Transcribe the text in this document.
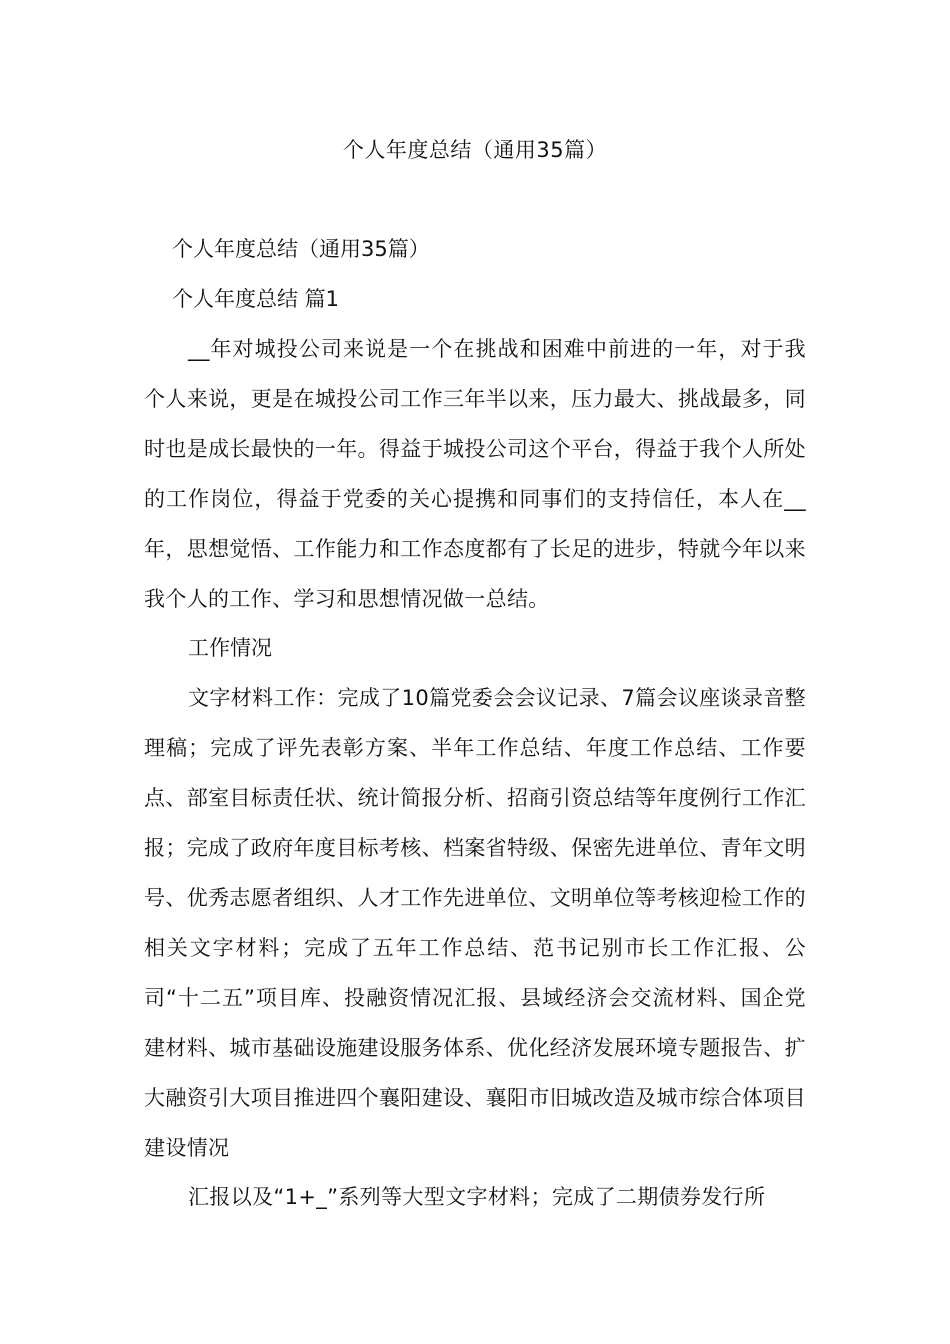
个人年度总结（通用35篇）
个人年度总结（通用35篇）
个人年度总结 篇1

__年对城投公司来说是一个在挑战和困难中前进的一年，对于我个人来说，更是在城投公司工作三年半以来，压力最大、挑战最多，同时也是成长最快的一年。得益于城投公司这个平台，得益于我个人所处的工作岗位，得益于党委的关心提携和同事们的支持信任，本人在__年，思想觉悟、工作能力和工作态度都有了长足的进步，特就今年以来我个人的工作、学习和思想情况做一总结。

工作情况

文字材料工作：完成了10篇党委会会议记录、7篇会议座谈录音整理稿；完成了评先表彰方案、半年工作总结、年度工作总结、工作要点、部室目标责任状、统计简报分析、招商引资总结等年度例行工作汇报；完成了政府年度目标考核、档案省特级、保密先进单位、青年文明号、优秀志愿者组织、人才工作先进单位、文明单位等考核迎检工作的相关文字材料；完成了五年工作总结、范书记别市长工作汇报、公司“十二五”项目库、投融资情况汇报、县域经济会交流材料、国企党建材料、城市基础设施建设服务体系、优化经济发展环境专题报告、扩大融资引大项目推进四个襄阳建设、襄阳市旧城改造及城市综合体项目建设情况

汇报以及“1+_”系列等大型文字材料；完成了二期债券发行所
